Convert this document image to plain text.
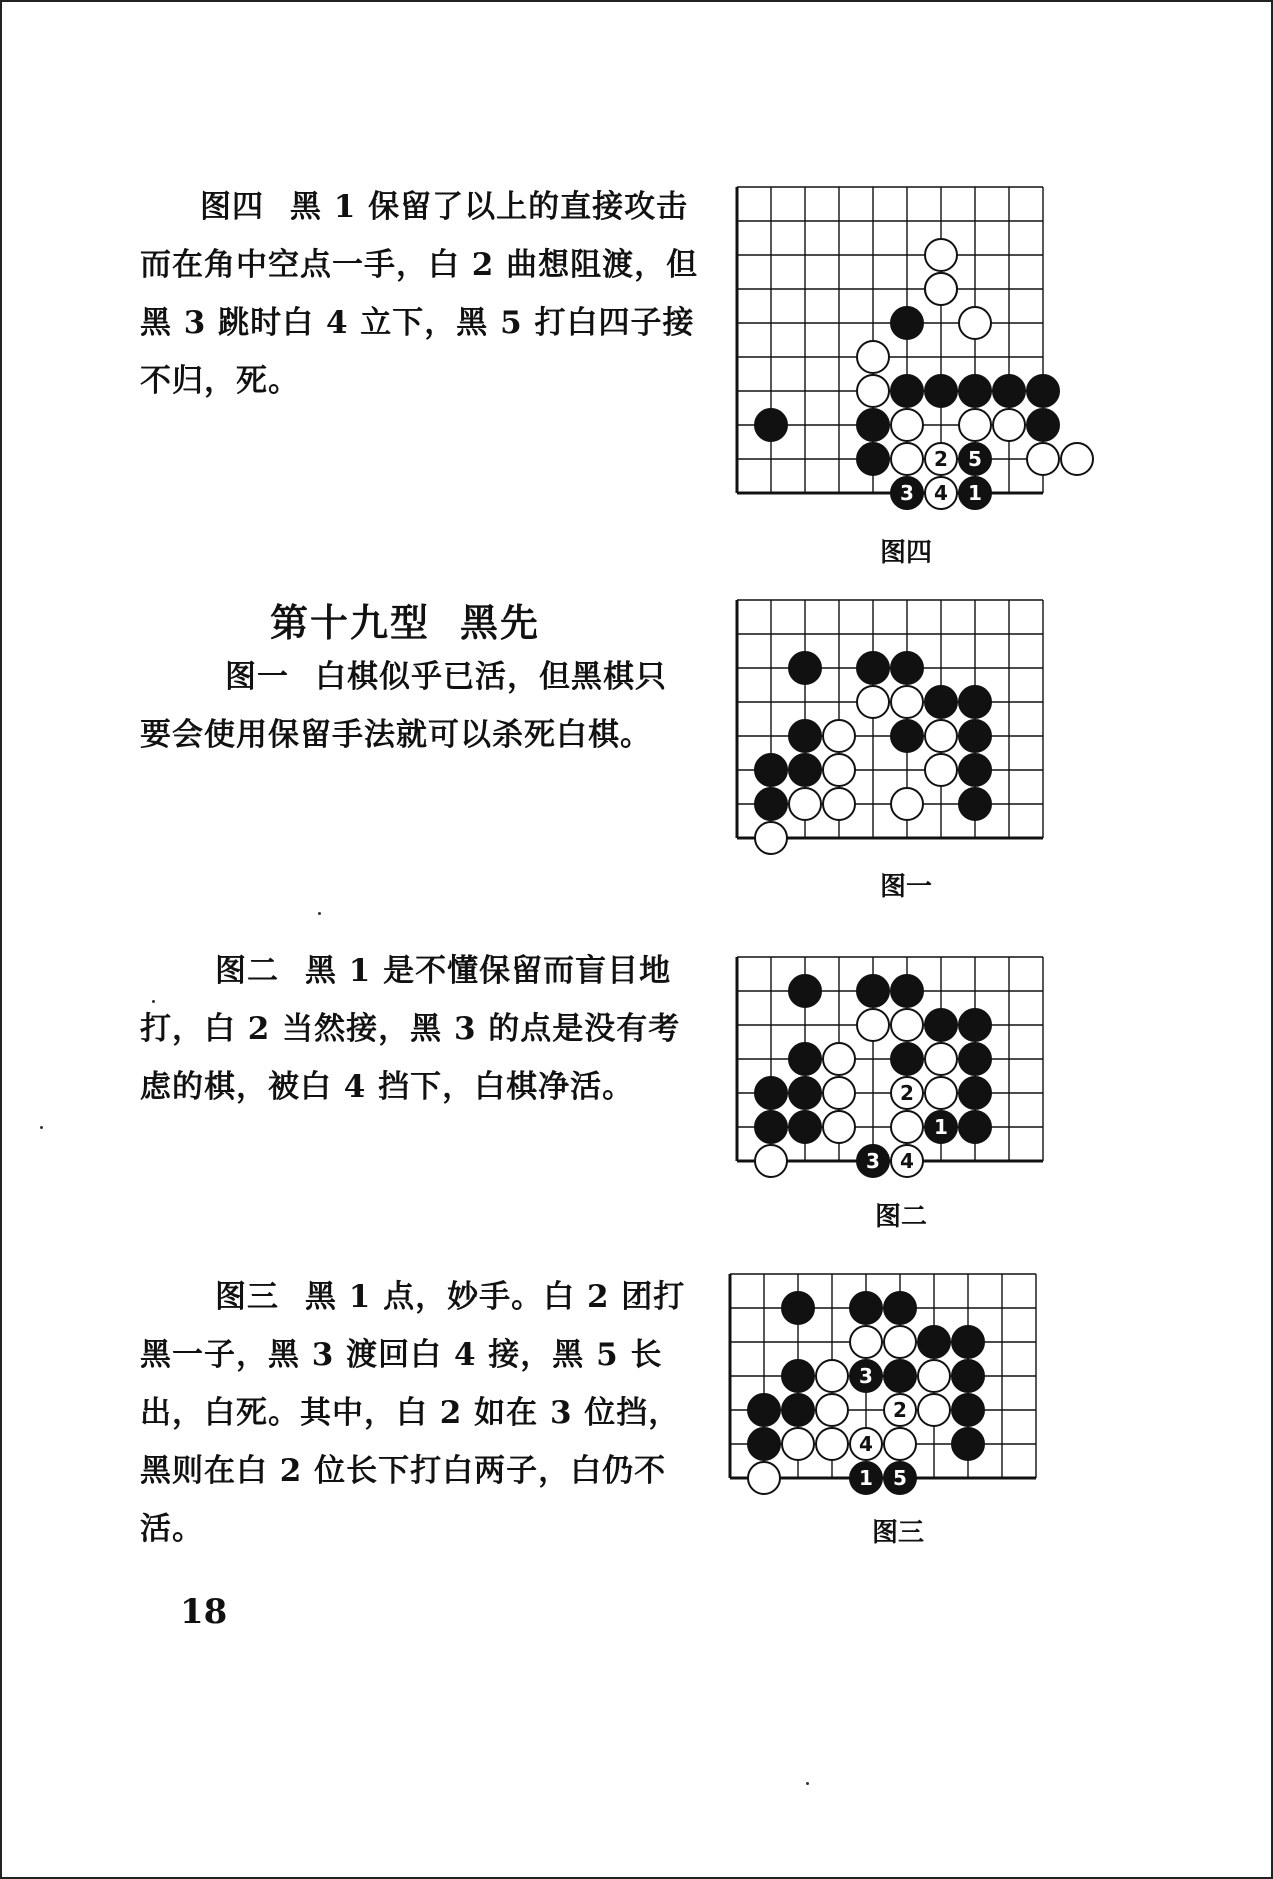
图四 黑 1 保留了以上的直接攻击而在角中空点一手，白 2 曲想阻渡，但黑 3 跳时白 4 立下，黑 5 打白四子接不归，死。
2 5
3 4 1
图四
第十九型 黑先
图一 白棋似乎已活，但黑棋只要会使用保留手法就可以杀死白棋。
图一
图二 黑 1 是不懂保留而盲目地打，白 2 当然接，黑 3 的点是没有考虑的棋，被白 4 挡下，白棋净活。	2
1
3 4
图二
图三 黑 1 点，妙手。白 2 团打黑一子，黑 3 渡回白 4 接，黑 5 长出，白死。其中，白 2 如在 3 位挡，黑则在白 2 位长下打白两子，白仍不活。
3
2
4
1 5
图三
18
